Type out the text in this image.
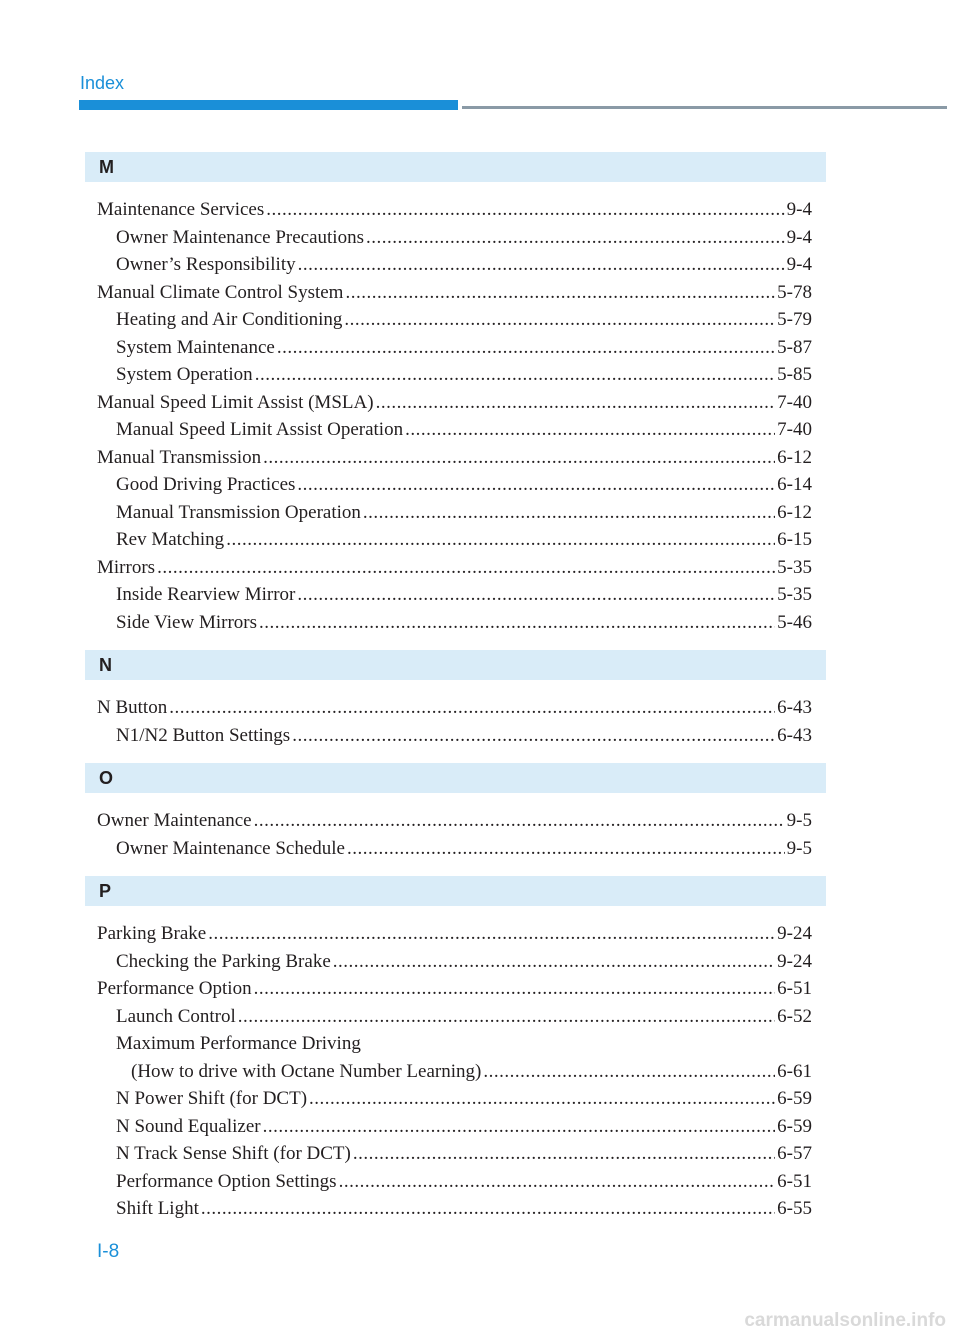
Index
M
Maintenance Services .....	9-4
Owner Maintenance Precautions .....	9-4
Owner’s Responsibility .....	9-4
Manual Climate Control System .....	5-78
Heating and Air Conditioning .....	5-79
System Maintenance .....	5-87
System Operation .....	5-85
Manual Speed Limit Assist (MSLA) .....	7-40
Manual Speed Limit Assist Operation .....	7-40
Manual Transmission .....	6-12
Good Driving Practices .....	6-14
Manual Transmission Operation .....	6-12
Rev Matching .....	6-15
Mirrors .....	5-35
Inside Rearview Mirror .....	5-35
Side View Mirrors .....	5-46
N
N Button .....	6-43
N1/N2 Button Settings .....	6-43
O
Owner Maintenance .....	9-5
Owner Maintenance Schedule .....	9-5
P
Parking Brake .....	9-24
Checking the Parking Brake .....	9-24
Performance Option .....	6-51
Launch Control .....	6-52
Maximum Performance Driving
(How to drive with Octane Number Learning) .....	6-61
N Power Shift (for DCT) .....	6-59
N Sound Equalizer .....	6-59
N Track Sense Shift (for DCT) .....	6-57
Performance Option Settings .....	6-51
Shift Light .....	6-55
I-8
carmanualsonline.info
